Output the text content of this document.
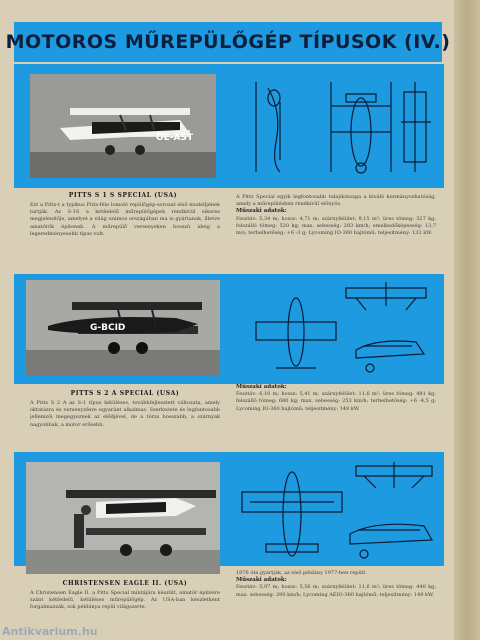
MOTOROS MŰREPÜLŐGÉP TÍPUSOK (IV.)
OE-AST
PITTS S 1 S SPECIAL (USA)

Ezt a Pitts-t a typikus Pitts-féle lomoló repülőgép-sorozat első modelljének tartják. Az S-1S a kétfedelű műrepülőgépek rendkívül sikeres megjelenítője, amelyet a világ számos országában ma is gyártanak, illetve amatőrök építenek. A műrepülő versenyeken hosszú ideig a legeredményesebb típus volt.

A Pitts Special egyik legfontosabb tulajdonsága a kiváló kormányozhatóság, amely a műrepülésben rendkívül előnyös.

Műszaki adatok:

Fesztáv: 5,34 m; hossz: 4,71 m; szárnyfelület: 9,15 m²; üres tömeg: 327 kg; felszálló tömeg: 520 kg; max. sebesség: 283 km/h; emelkedőképesség: 13,7 m/s; terhelhetőség: +6 -3 g; Lycoming IO-360 hajtómű; teljesítmény: 132 kW.

G-BCID
PITTS S 2 A SPECIAL (USA)

A Pitts S 2 A az S-1 típus kétüléses, továbbfejlesztett változata, amely oktatásra és versenyzésre egyaránt alkalmas. Szerkezete és legfontosabb jellemzői megegyeznek az elődjével, de a törzs hosszabb, a szárnyak nagyobbak, a motor erősebb.

Műszaki adatok:

Fesztáv: 6,10 m; hossz: 5,41 m; szárnyfelület: 11,6 m²; üres tömeg: 481 kg; felszálló tömeg: 680 kg; max. sebesség: 253 km/h; terhelhetőség: +6 -4,5 g; Lycoming IO-360 hajtómű; teljesítmény: 149 kW.

CHRISTENSEN EAGLE II. (USA)

A Christensen Eagle II. a Pitts Special mintájára készült, amatőr építésre szánt kétfedelű, kétüléses műrepülőgép. Az USA-ban készletként forgalmazzák, sok példánya repül világszerte.

1976 óta gyártják, az első példány 1977-ben repült.

Műszaki adatok:

Fesztáv: 5,97 m; hossz: 5,56 m; szárnyfelület: 11,6 m²; üres tömeg: 440 kg; max. sebesség: 290 km/h; Lycoming AEIO-360 hajtómű; teljesítmény: 149 kW.

Antikvarium.hu
